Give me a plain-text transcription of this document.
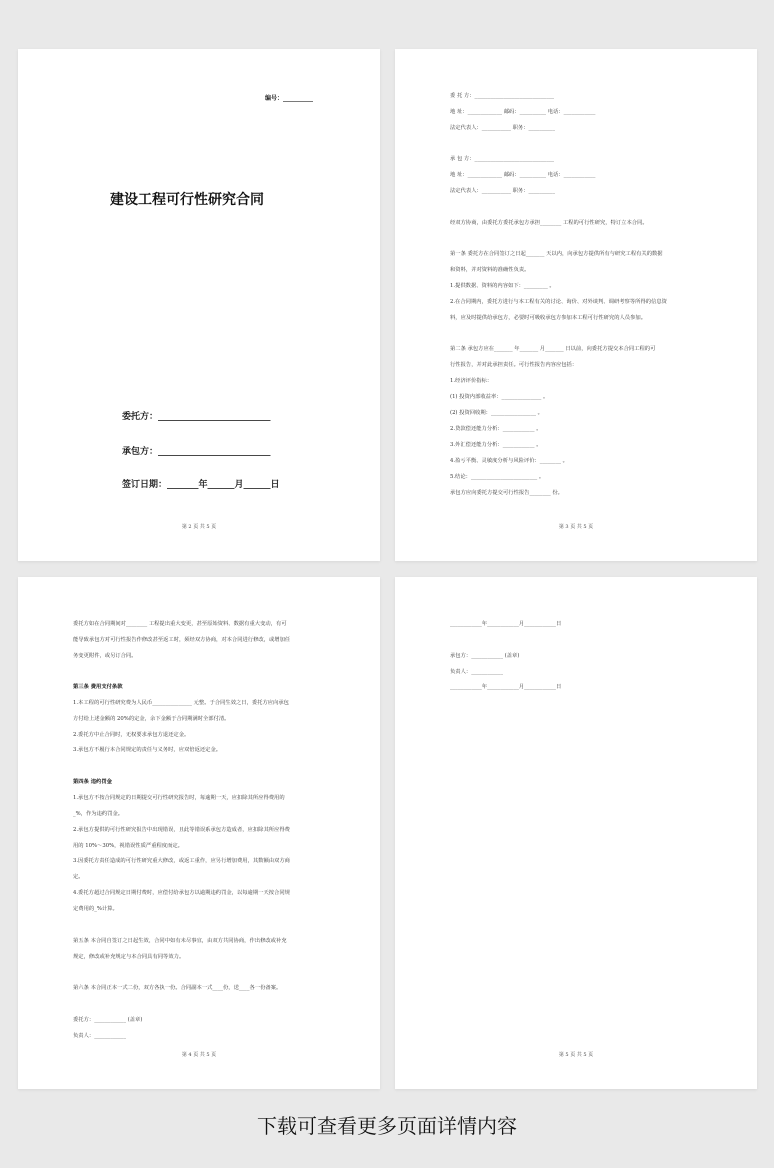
编号：__________
建设工程可行性研究合同
委托方：_________________________
承包方：_________________________
签订日期：_______年______月______日
第 2 页 共 5 页
委 托 方：______________________________
地 址：_____________ 邮码：__________ 电话：____________
法定代表人：___________ 职务：__________
承 包 方：______________________________
地 址：_____________ 邮码：__________ 电话：____________
法定代表人：___________ 职务：__________
经双方协商，由委托方委托承包方承担________ 工程的可行性研究，特订立本合同。
第一条 委托方在合同签订之日起_______ 天以内，向承包方提供所有与研究工程有关的数据
和资料，并对资料的准确性负责。
1.提供数据、资料的内容如下：_________ 。
2.在合同期内，委托方进行与本工程有关的讨论、询价、对外谈判、调研考察等所得的信息资
料，应及时提供给承包方，必要时可吸收承包方参加本工程可行性研究的人员参加。
第二条 承包方应在_______ 年_______ 月_______ 日以前，向委托方提交本合同工程的可
行性报告，并对此承担责任。可行性报告内容应包括：
1.经济评价指标：
(1) 投资内部收益率：_______________ 。
(2) 投资回收期：_________________ 。
2.贷款偿还能力分析：____________ 。
3.外汇偿还能力分析：____________ 。
4.盈亏平衡、灵敏度分析与风险评价：________ 。
5.结论：_________________________ 。
承包方应向委托方提交可行性报告________ 份。
第 3 页 共 5 页
委托方如在合同期间对________ 工程提出重大变更，甚至原始资料、数据有重大变动，有可
能导致承包方对可行性报告作修改甚至返工时，须经双方协商，对本合同进行修改，或增加任
务变更附件，或另订合同。
第三条 费用支付条款
1.本工程的可行性研究费为人民币_______________ 元整。于合同生效之日，委托方应向承包
方付给上述金额的 20%的定金，余下金额于合同期满时全部付清。
2.委托方中止合同时，无权要求承包方退还定金。
3.承包方不履行本合同规定的责任与义务时，应双倍返还定金。
第四条 违约罚金
1.承包方不按合同规定的日期提交可行性研究报告时，每逾期一天，应扣除其所应得费用的
_%，作为违约罚金。
2.承包方提供的可行性研究报告中出现错误，且此等错误系承包方造成者，应扣除其所应得费
用的 10%～30%，视错误性质严重程度而定。
3.因委托方责任造成的可行性研究重大修改，或返工重作，应另行增加费用，其数额由双方商
定。
4.委托方超过合同规定日期付费时，应偿付给承包方以逾期违约罚金，以每逾期一天按合同规
定费用的_%计算。
第五条 本合同自签订之日起生效，合同中如有未尽事宜，由双方共同协商，作出修改或补充
规定，修改或补充规定与本合同具有同等效力。
第六条 本合同正本一式二份，双方各执一份。合同副本一式____份，送____各一份备案。
委托方：____________ (盖章)
负责人：____________
第 4 页 共 5 页
____________年____________月____________日
承包方：____________ (盖章)
负责人：____________
____________年____________月____________日
第 5 页 共 5 页
下载可查看更多页面详情内容
